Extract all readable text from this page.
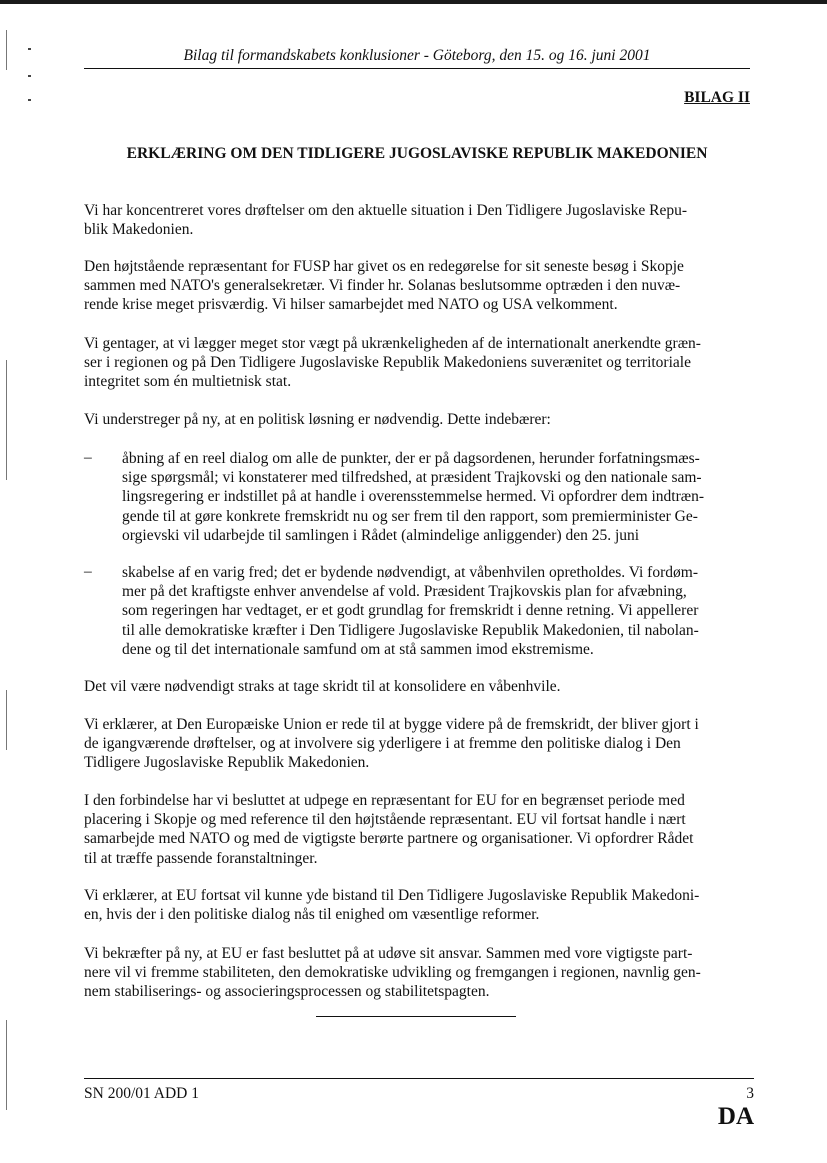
Bilag til formandskabets konklusioner - Göteborg, den 15. og 16. juni 2001
BILAG II
ERKLÆRING OM DEN TIDLIGERE JUGOSLAVISKE REPUBLIK MAKEDONIEN
Vi har koncentreret vores drøftelser om den aktuelle situation i Den Tidligere Jugoslaviske Repu-
blik Makedonien.
Den højtstående repræsentant for FUSP har givet os en redegørelse for sit seneste besøg i Skopje
sammen med NATO's generalsekretær. Vi finder hr. Solanas beslutsomme optræden i den nuvæ-
rende krise meget prisværdig. Vi hilser samarbejdet med NATO og USA velkomment.
Vi gentager, at vi lægger meget stor vægt på ukrænkeligheden af de internationalt anerkendte græn-
ser i regionen og på Den Tidligere Jugoslaviske Republik Makedoniens suverænitet og territoriale
integritet som én multietnisk stat.
Vi understreger på ny, at en politisk løsning er nødvendig. Dette indebærer:
– åbning af en reel dialog om alle de punkter, der er på dagsordenen, herunder forfatningsmæs-
sige spørgsmål; vi konstaterer med tilfredshed, at præsident Trajkovski og den nationale sam-
lingsregering er indstillet på at handle i overensstemmelse hermed. Vi opfordrer dem indtræn-
gende til at gøre konkrete fremskridt nu og ser frem til den rapport, som premierminister Ge-
orgievski vil udarbejde til samlingen i Rådet (almindelige anliggender) den 25. juni
– skabelse af en varig fred; det er bydende nødvendigt, at våbenhvilen opretholdes. Vi fordøm-
mer på det kraftigste enhver anvendelse af vold. Præsident Trajkovskis plan for afvæbning,
som regeringen har vedtaget, er et godt grundlag for fremskridt i denne retning. Vi appellerer
til alle demokratiske kræfter i Den Tidligere Jugoslaviske Republik Makedonien, til nabolan-
dene og til det internationale samfund om at stå sammen imod ekstremisme.
Det vil være nødvendigt straks at tage skridt til at konsolidere en våbenhvile.
Vi erklærer, at Den Europæiske Union er rede til at bygge videre på de fremskridt, der bliver gjort i
de igangværende drøftelser, og at involvere sig yderligere i at fremme den politiske dialog i Den
Tidligere Jugoslaviske Republik Makedonien.
I den forbindelse har vi besluttet at udpege en repræsentant for EU for en begrænset periode med
placering i Skopje og med reference til den højtstående repræsentant. EU vil fortsat handle i nært
samarbejde med NATO og med de vigtigste berørte partnere og organisationer. Vi opfordrer Rådet
til at træffe passende foranstaltninger.
Vi erklærer, at EU fortsat vil kunne yde bistand til Den Tidligere Jugoslaviske Republik Makedoni-
en, hvis der i den politiske dialog nås til enighed om væsentlige reformer.
Vi bekræfter på ny, at EU er fast besluttet på at udøve sit ansvar. Sammen med vore vigtigste part-
nere vil vi fremme stabiliteten, den demokratiske udvikling og fremgangen i regionen, navnlig gen-
nem stabiliserings- og associeringsprocessen og stabilitetspagten.
SN 200/01 ADD 1	3
DA
